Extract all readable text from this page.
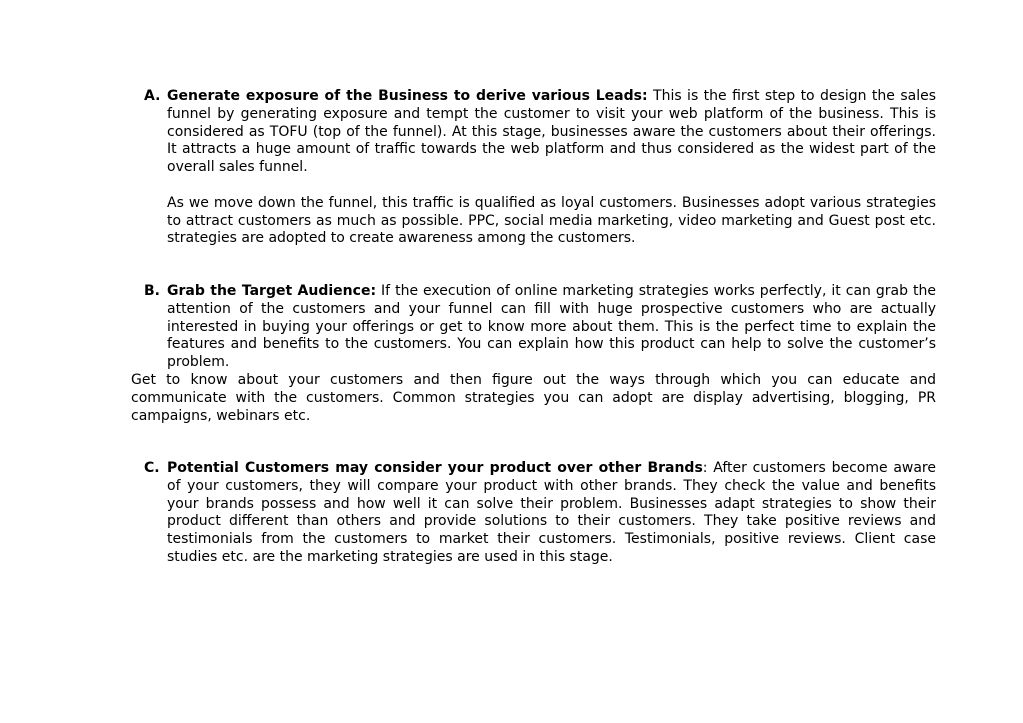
A. Generate exposure of the Business to derive various Leads: This is the first step to design the sales funnel by generating exposure and tempt the customer to visit your web platform of the business. This is considered as TOFU (top of the funnel). At this stage, businesses aware the customers about their offerings. It attracts a huge amount of traffic towards the web platform and thus considered as the widest part of the overall sales funnel.

As we move down the funnel, this traffic is qualified as loyal customers. Businesses adopt various strategies to attract customers as much as possible. PPC, social media marketing, video marketing and Guest post etc. strategies are adopted to create awareness among the customers.

B. Grab the Target Audience: If the execution of online marketing strategies works perfectly, it can grab the attention of the customers and your funnel can fill with huge prospective customers who are actually interested in buying your offerings or get to know more about them. This is the perfect time to explain the features and benefits to the customers. You can explain how this product can help to solve the customer’s problem.

Get to know about your customers and then figure out the ways through which you can educate and communicate with the customers. Common strategies you can adopt are display advertising, blogging, PR campaigns, webinars etc.

C. Potential Customers may consider your product over other Brands: After customers become aware of your customers, they will compare your product with other brands. They check the value and benefits your brands possess and how well it can solve their problem. Businesses adapt strategies to show their product different than others and provide solutions to their customers. They take positive reviews and testimonials from the customers to market their customers. Testimonials, positive reviews. Client case studies etc. are the marketing strategies are used in this stage.
